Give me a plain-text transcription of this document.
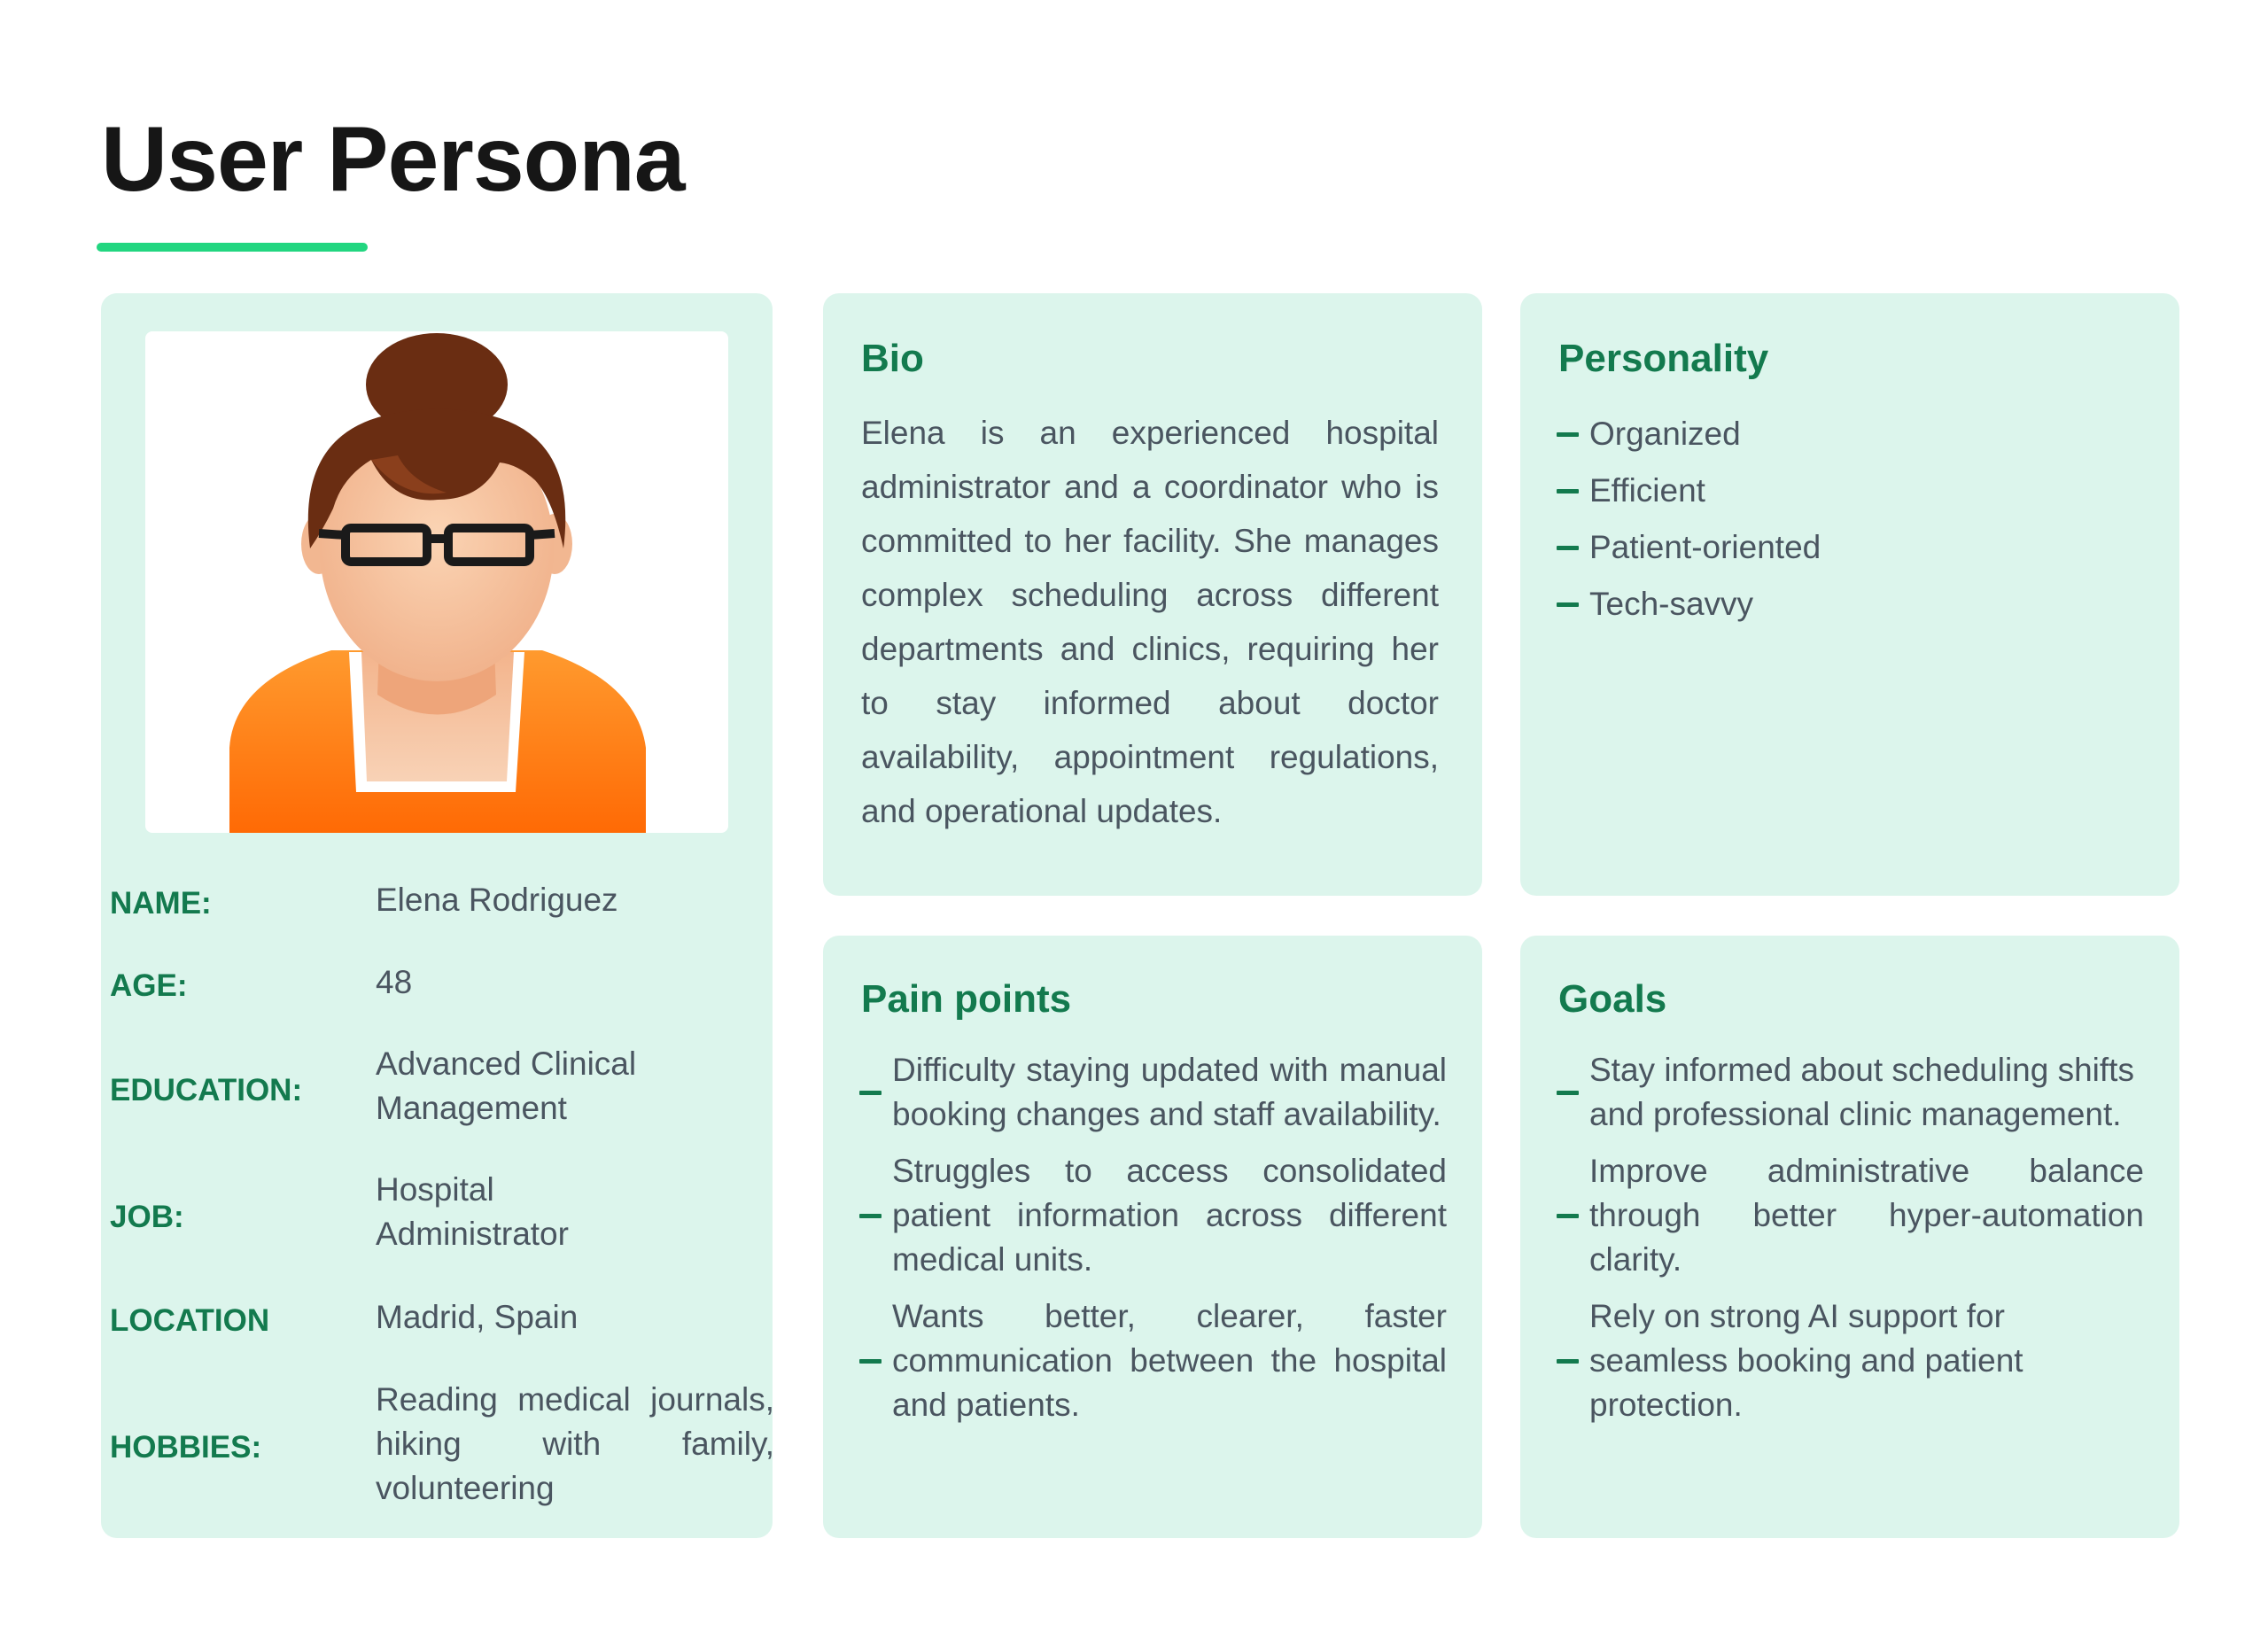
User Persona
NAME:	Elena Rodriguez
AGE:	48
EDUCATION:
Advanced Clinical Management
JOB:
Hospital Administrator
LOCATION	Madrid, Spain
HOBBIES:
Reading medical journals, hiking with family, volunteering
Bio
Elena is an experienced hospital administrator and a coordinator who is committed to her facility. She manages complex scheduling across different departments and clinics, requiring her to stay informed about doctor availability, appointment regulations, and operational updates.
Personality
Organized
Efficient
Patient-oriented
Tech-savvy
Pain points
Difficulty staying updated with manual booking changes and staff availability.
Struggles to access consolidated patient information across different medical units.
Wants better, clearer, faster communication between the hospital and patients.
Goals
Stay informed about scheduling shifts and professional clinic management.
Improve administrative balance through better hyper-automation clarity.
Rely on strong AI support for seamless booking and patient protection.
